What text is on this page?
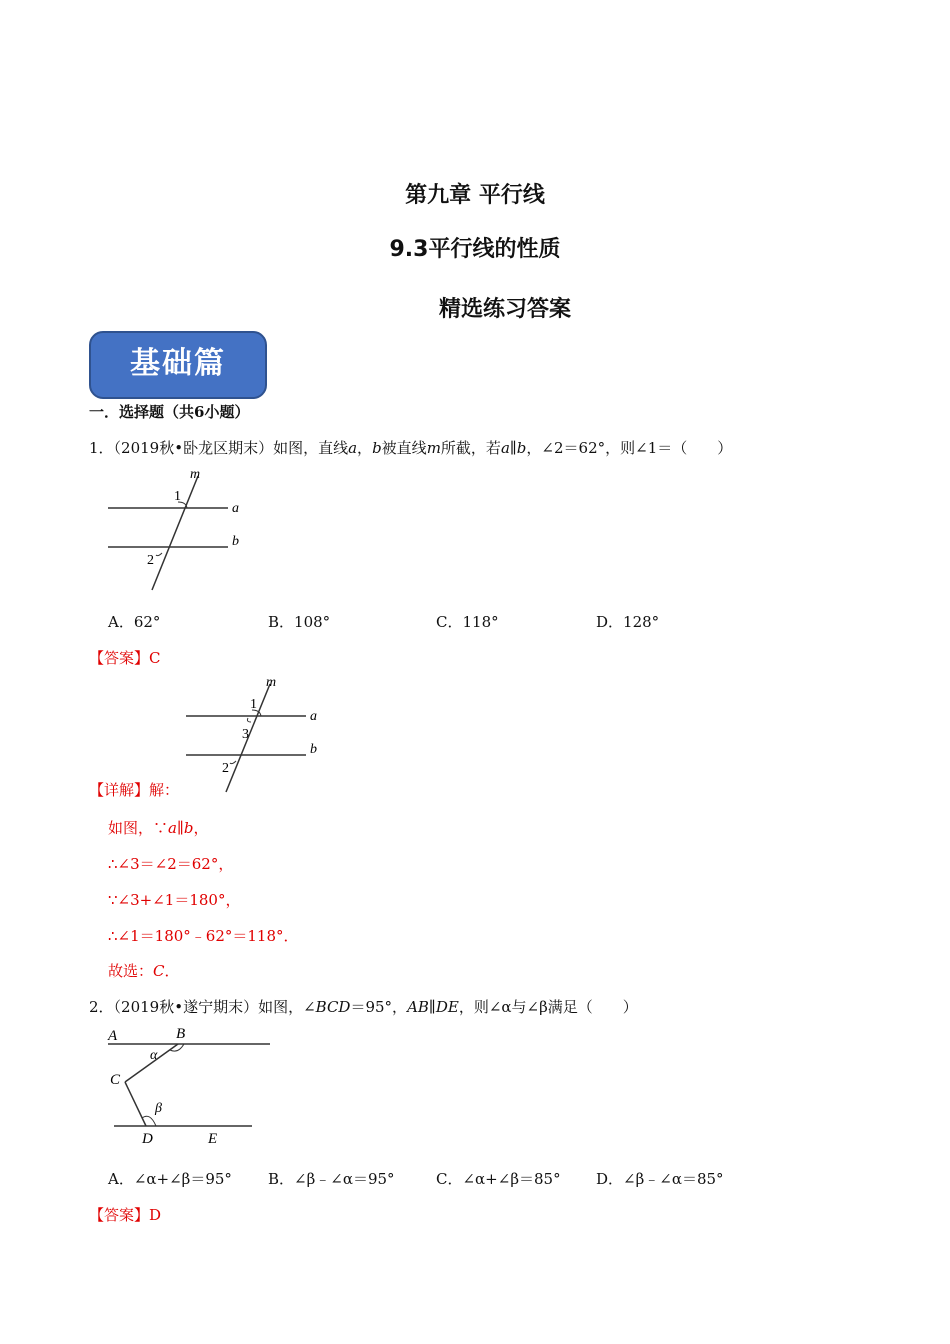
第九章 平行线
9.3平行线的性质
精选练习答案
基础篇
一．选择题（共6小题）
1．（2019秋•卧龙区期末）如图，直线a，b被直线m所截，若a∥b，∠2＝62°，则∠1＝（　　）
m
a
b
1
2
A．62°	B．108°	C．118°	D．128°
【答案】C
m
a
b
1
3
2
【详解】解：
如图，∵a∥b，
∴∠3＝∠2＝62°，
∵∠3+∠1＝180°，
∴∠1＝180°﹣62°＝118°．
故选：C．
2．（2019秋•遂宁期末）如图，∠BCD＝95°，AB∥DE，则∠α与∠β满足（　　）
A	B
C
D	E
α
β
A．∠α+∠β＝95° B．∠β﹣∠α＝95°	C．∠α+∠β＝85° D．∠β﹣∠α＝85°
【答案】D
